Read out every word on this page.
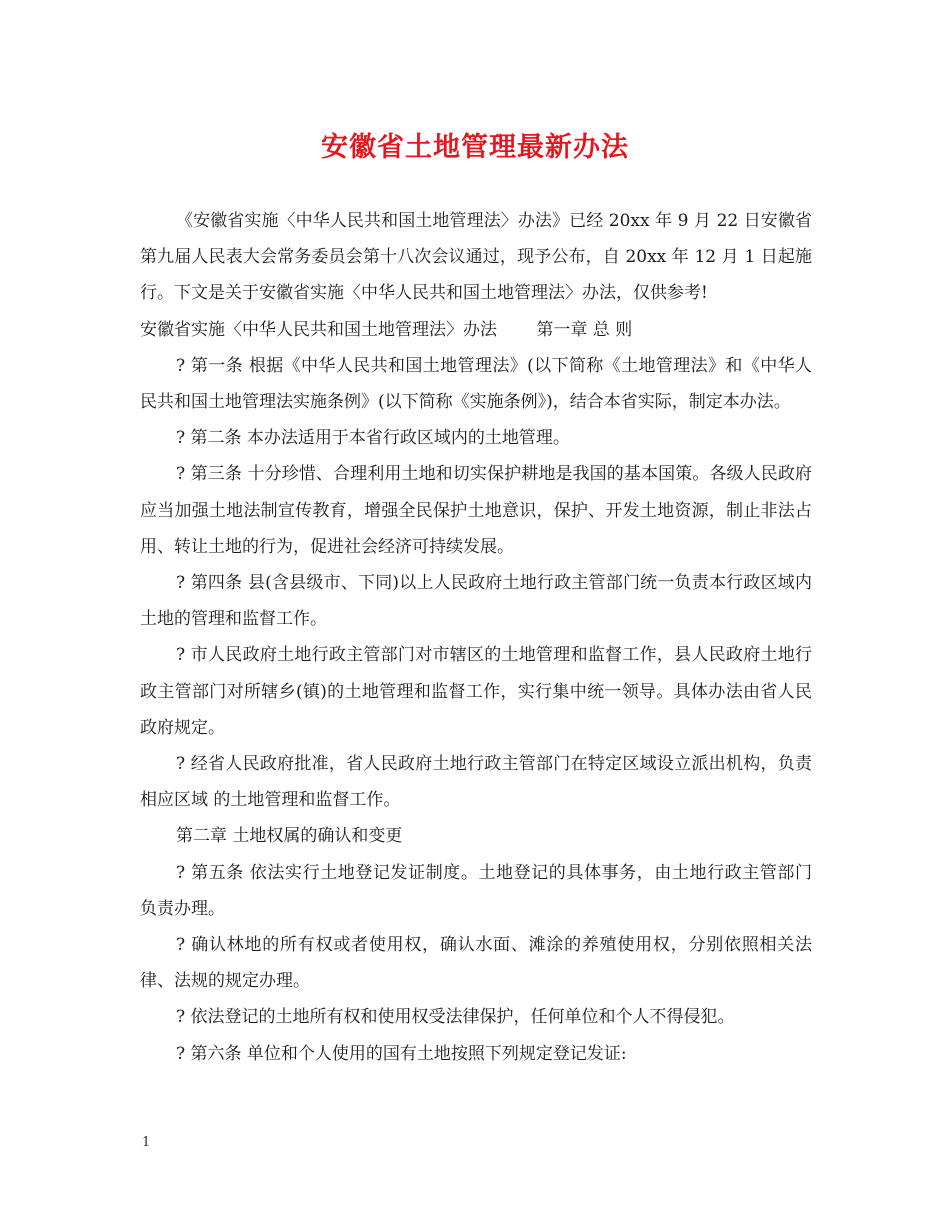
安徽省土地管理最新办法

《安徽省实施〈中华人民共和国土地管理法〉办法》已经 20xx 年 9 月 22 日安徽省第九届人民表大会常务委员会第十八次会议通过，现予公布，自 20xx 年 12 月 1 日起施行。下文是关于安徽省实施〈中华人民共和国土地管理法〉办法，仅供参考!

安徽省实施〈中华人民共和国土地管理法〉办法　　 第一章 总 则

? 第一条 根据《中华人民共和国土地管理法》(以下简称《土地管理法》和《中华人民共和国土地管理法实施条例》(以下简称《实施条例》)，结合本省实际，制定本办法。

? 第二条 本办法适用于本省行政区域内的土地管理。

? 第三条 十分珍惜、合理利用土地和切实保护耕地是我国的基本国策。各级人民政府应当加强土地法制宣传教育，增强全民保护土地意识，保护、开发土地资源，制止非法占用、转让土地的行为，促进社会经济可持续发展。

? 第四条 县(含县级市、下同)以上人民政府土地行政主管部门统一负责本行政区域内土地的管理和监督工作。

? 市人民政府土地行政主管部门对市辖区的土地管理和监督工作，县人民政府土地行政主管部门对所辖乡(镇)的土地管理和监督工作，实行集中统一领导。具体办法由省人民政府规定。

? 经省人民政府批准，省人民政府土地行政主管部门在特定区域设立派出机构，负责相应区域 的土地管理和监督工作。

第二章 土地权属的确认和变更

? 第五条 依法实行土地登记发证制度。土地登记的具体事务，由土地行政主管部门 负责办理。

? 确认林地的所有权或者使用权，确认水面、滩涂的养殖使用权，分别依照相关法律、法规的规定办理。

? 依法登记的土地所有权和使用权受法律保护，任何单位和个人不得侵犯。

? 第六条 单位和个人使用的国有土地按照下列规定登记发证:

1
